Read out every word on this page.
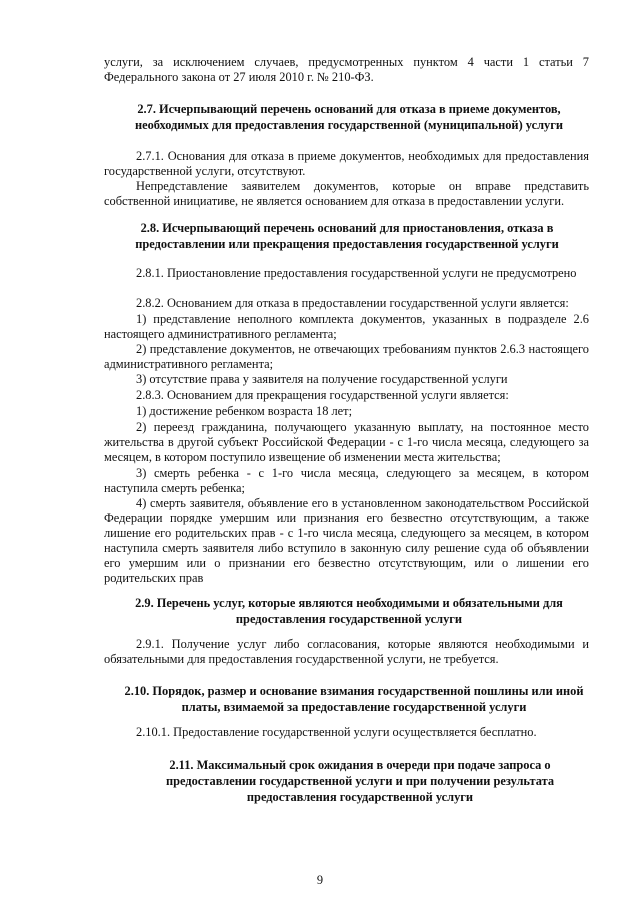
услуги, за исключением случаев, предусмотренных пунктом 4 части 1 статьи 7 Федерального закона от 27 июля 2010 г. № 210-ФЗ.

2.7. Исчерпывающий перечень оснований для отказа в приеме документов, необходимых для предоставления государственной (муниципальной) услуги

2.7.1. Основания для отказа в приеме документов, необходимых для предоставления государственной услуги, отсутствуют.

Непредставление заявителем документов, которые он вправе представить собственной инициативе, не является основанием для отказа в предоставлении услуги.

2.8. Исчерпывающий перечень оснований для приостановления, отказа в предоставлении или прекращения предоставления государственной услуги

2.8.1. Приостановление предоставления государственной услуги не предусмотрено

2.8.2. Основанием для отказа в предоставлении государственной услуги является:

1) представление неполного комплекта документов, указанных в подразделе 2.6 настоящего административного регламента;

2) представление документов, не отвечающих требованиям пунктов 2.6.3 настоящего административного регламента;

3) отсутствие права у заявителя на получение государственной услуги

2.8.3. Основанием для прекращения государственной услуги является:

1) достижение ребенком возраста 18 лет;

2) переезд гражданина, получающего указанную выплату, на постоянное место жительства в другой субъект Российской Федерации - с 1-го числа месяца, следующего за месяцем, в котором поступило извещение об изменении места жительства;

3) смерть ребенка - с 1-го числа месяца, следующего за месяцем, в котором наступила смерть ребенка;

4) смерть заявителя, объявление его в установленном законодательством Российской Федерации порядке умершим или признания его безвестно отсутствующим, а также лишение его родительских прав - с 1-го числа месяца, следующего за месяцем, в котором наступила смерть заявителя либо вступило в законную силу решение суда об объявлении его умершим или о признании его безвестно отсутствующим, или о лишении его родительских прав

2.9. Перечень услуг, которые являются необходимыми и обязательными для предоставления государственной услуги

2.9.1. Получение услуг либо согласования, которые являются необходимыми и обязательными для предоставления государственной услуги, не требуется.

2.10. Порядок, размер и основание взимания государственной пошлины или иной платы, взимаемой за предоставление государственной услуги

2.10.1. Предоставление государственной услуги осуществляется бесплатно.

2.11. Максимальный срок ожидания в очереди при подаче запроса о предоставлении государственной услуги и при получении результата предоставления государственной услуги

9
